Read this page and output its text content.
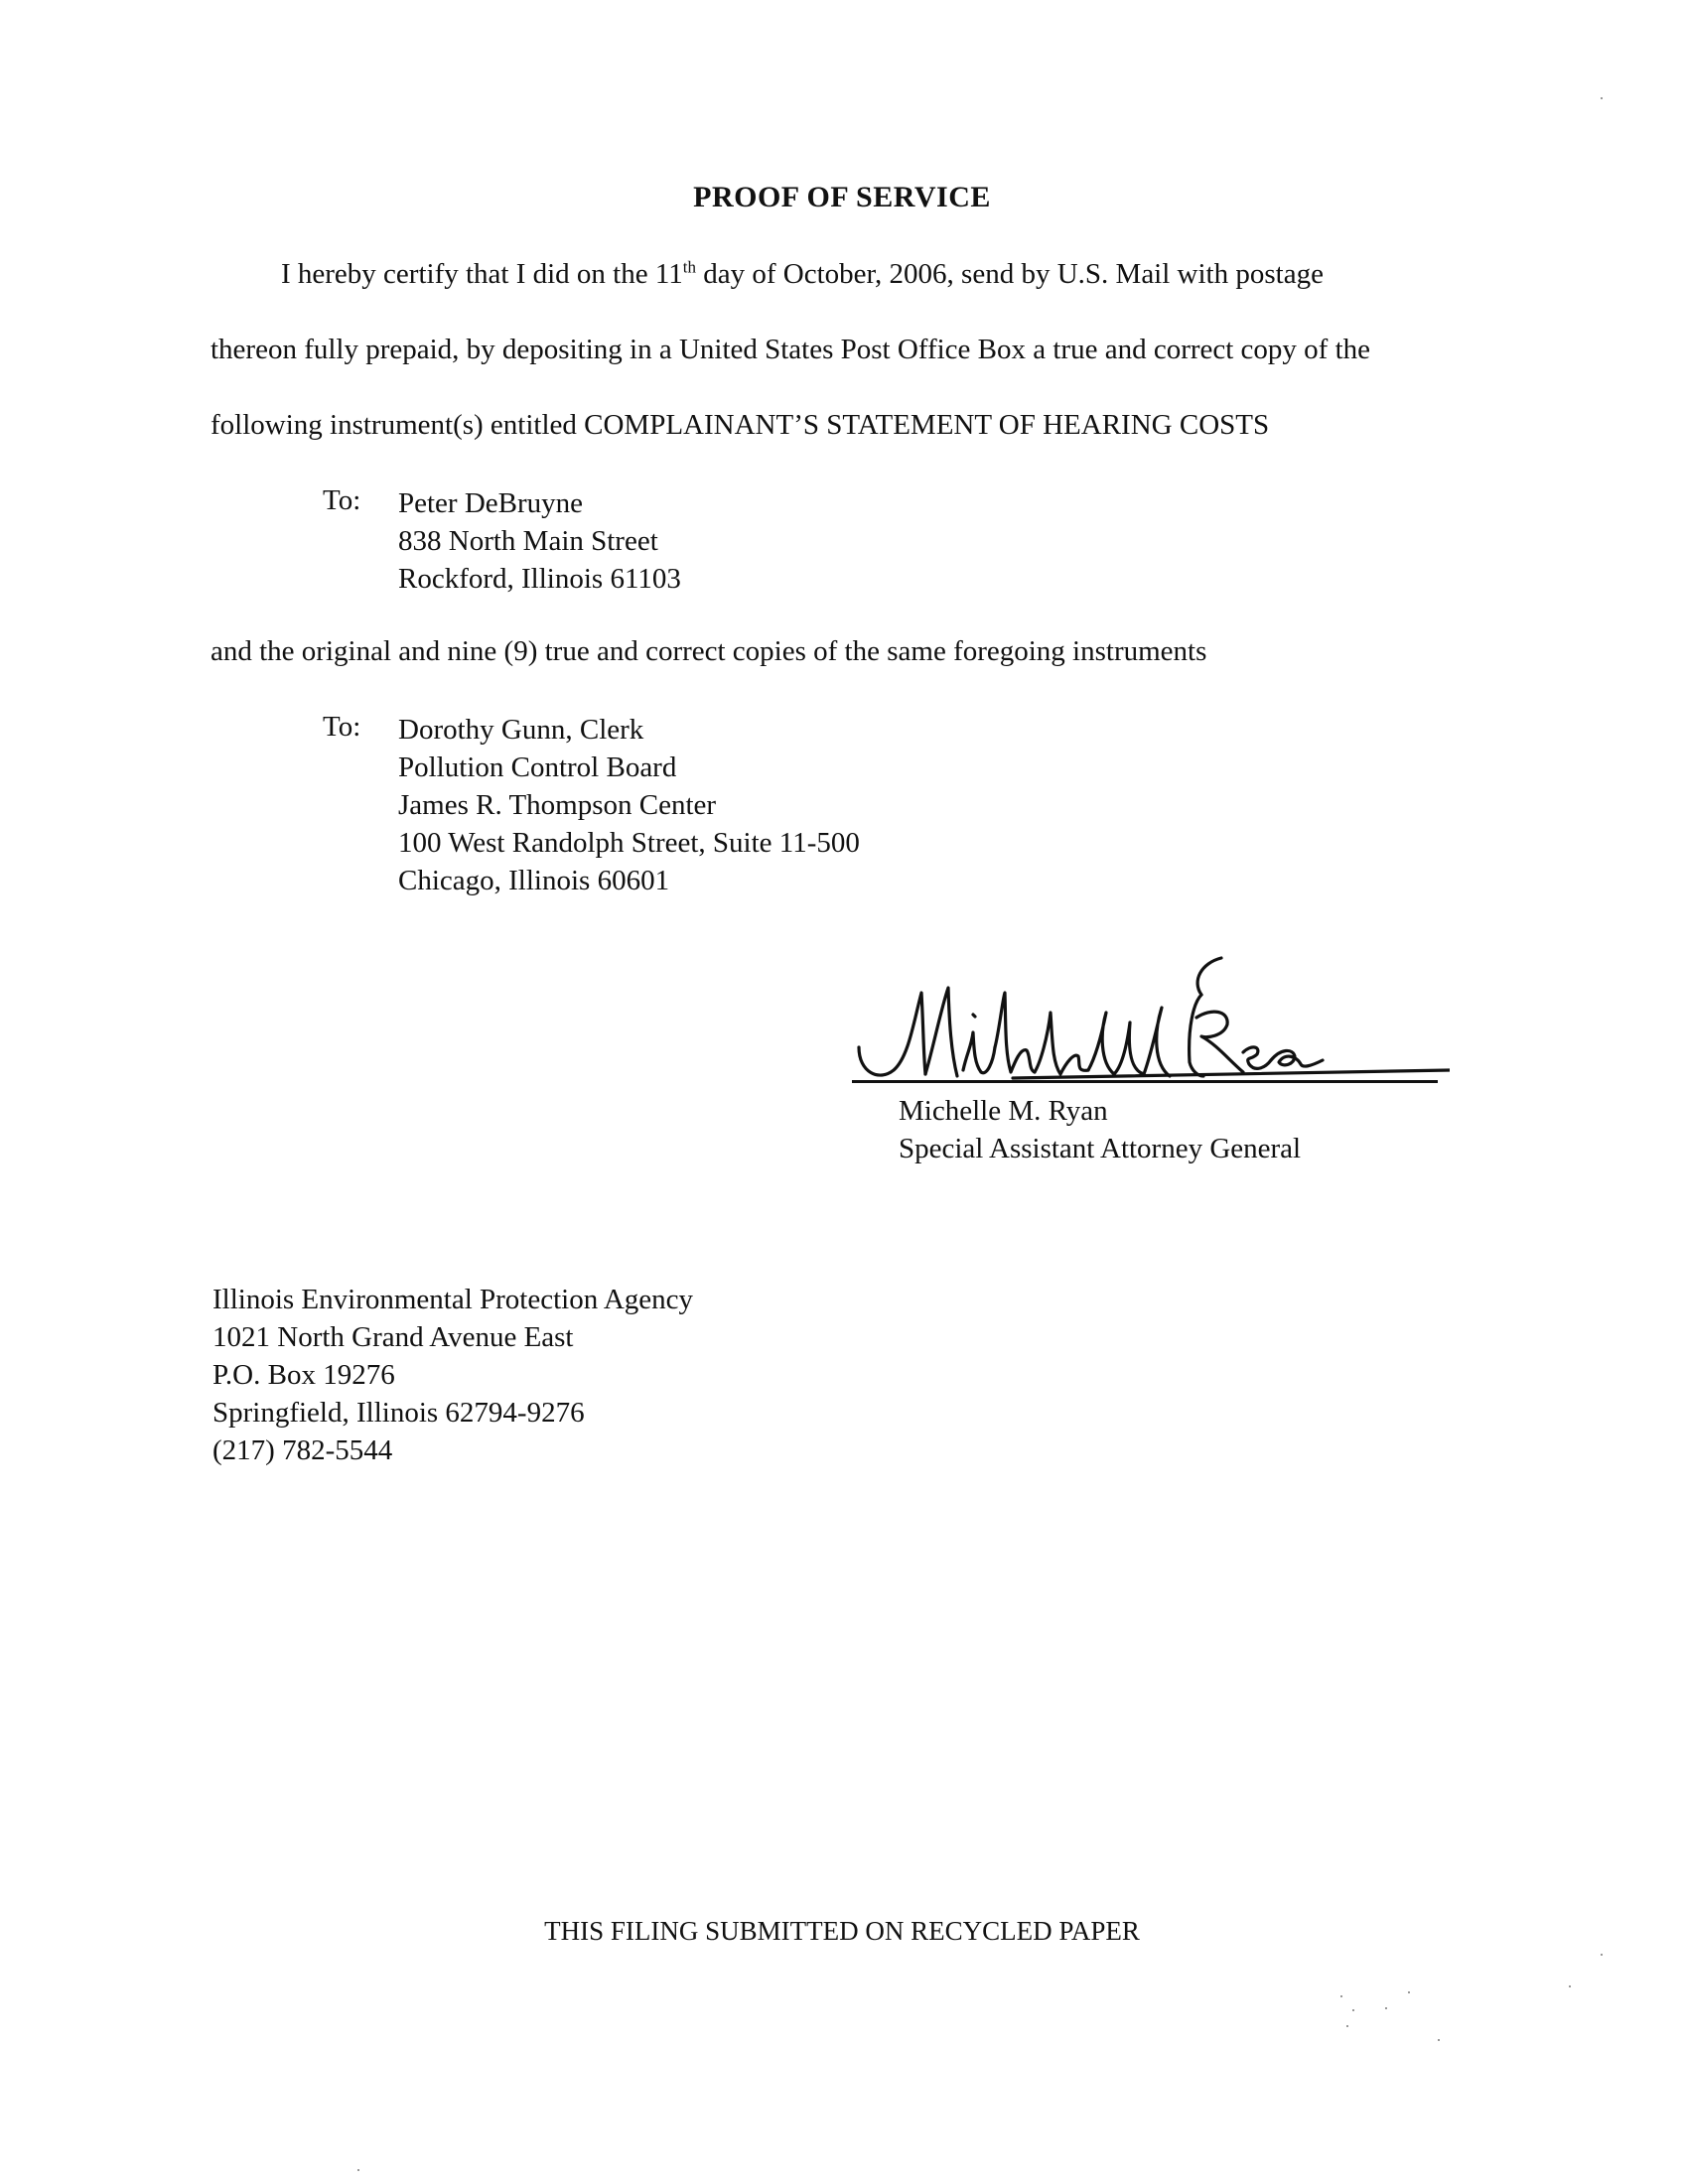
PROOF OF SERVICE
I hereby certify that I did on the 11th day of October, 2006, send by U.S. Mail with postage
thereon fully prepaid, by depositing in a United States Post Office Box a true and correct copy of the
following instrument(s) entitled COMPLAINANT’S STATEMENT OF HEARING COSTS
To: Peter DeBruyne
838 North Main Street
Rockford, Illinois 61103
and the original and nine (9) true and correct copies of the same foregoing instruments
To: Dorothy Gunn, Clerk
Pollution Control Board
James R. Thompson Center
100 West Randolph Street, Suite 11-500
Chicago, Illinois 60601
Michelle M. Ryan
Special Assistant Attorney General
Illinois Environmental Protection Agency
1021 North Grand Avenue East
P.O. Box 19276
Springfield, Illinois 62794-9276
(217) 782-5544
THIS FILING SUBMITTED ON RECYCLED PAPER
